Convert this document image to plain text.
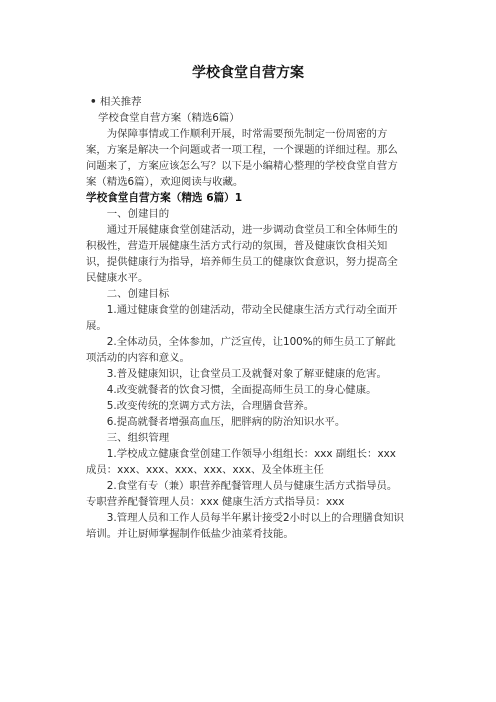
学校食堂自营方案

• 相关推荐

学校食堂自营方案（精选6篇）

为保障事情或工作顺利开展，时常需要预先制定一份周密的方案，方案是解决一个问题或者一项工程，一个课题的详细过程。那么问题来了，方案应该怎么写？以下是小编精心整理的学校食堂自营方案（精选6篇），欢迎阅读与收藏。

学校食堂自营方案（精选 6篇）1

一、创建目的

通过开展健康食堂创建活动，进一步调动食堂员工和全体师生的积极性，营造开展健康生活方式行动的氛围，普及健康饮食相关知识，提供健康行为指导，培养师生员工的健康饮食意识，努力提高全民健康水平。

二、创建目标

1.通过健康食堂的创建活动，带动全民健康生活方式行动全面开展。

2.全体动员，全体参加，广泛宣传，让100%的师生员工了解此项活动的内容和意义。

3.普及健康知识，让食堂员工及就餐对象了解亚健康的危害。

4.改变就餐者的饮食习惯，全面提高师生员工的身心健康。

5.改变传统的烹调方式方法，合理膳食营养。

6.提高就餐者增强高血压，肥胖病的防治知识水平。

三、组织管理

1.学校成立健康食堂创建工作领导小组组长：xxx 副组长：xxx 成员：xxx、xxx、xxx、xxx、xxx、及全体班主任

2.食堂有专（兼）职营养配餐管理人员与健康生活方式指导员。专职营养配餐管理人员：xxx 健康生活方式指导员：xxx

3.管理人员和工作人员每半年累计接受2小时以上的合理膳食知识培训。并让厨师掌握制作低盐少油菜肴技能。
